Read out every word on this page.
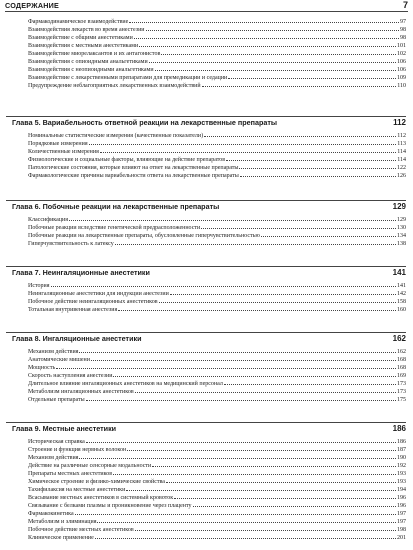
СОДЕРЖАНИЕ	7
Фармакодинамическое взаимодействие	97
Взаимодействия лекарств во время анестезии	98
Взаимодействие с общими анестетиками	98
Взаимодействия с местными анестетиками	101
Взаимодействие миорелаксантов и их антагонистов	102
Взаимодействия с опиоидными анальгетиками	106
Взаимодействия с неопиоидными анальгетиками	106
Взаимодействие с лекарственными препаратами для премедикации и седации	109
Предупреждение неблагоприятных лекарственных взаимодействий	110
Глава 5. Вариабельность ответной реакции на лекарственные препараты	112
Номинальные статистические измерения (качественные показатели)	112
Порядковые измерения	113
Количественные измерения	114
Физиологические и социальные факторы, влияющие на действие препаратов	114
Патологические состояния, которые влияют на ответ на лекарственные препараты	122
Фармакологические причины вариабельности ответа на лекарственные препараты	126
Глава 6. Побочные реакции на лекарственные препараты	129
Классификация	129
Побочные реакции вследствие генетической предрасположенности	130
Побочные реакции на лекарственные препараты, обусловленные гиперчувствительностью	134
Гиперчувствительность к латексу	138
Глава 7. Неингаляционные анестетики	141
История	141
Неингаляционные анестетики для индукции анестезии	142
Побочное действие неингаляционных анестетиков	158
Тотальная внутривенная анестезия	160
Глава 8. Ингаляционные анестетики	162
Механизм действия	162
Анатомические мишени	168
Мощность	168
Скорость наступления анестезии	169
Длительное влияние ингаляционных анестетиков на медицинский персонал	173
Метаболизм ингаляционных анестетиков	173
Отдельные препараты	175
Глава 9. Местные анестетики	186
Историческая справка	186
Строение и функция нервных волокон	187
Механизм действия	190
Действие на различные сенсорные модальности	192
Препараты местных анестетиков	193
Химическое строение и физико-химические свойства	193
Тахифилаксия на местные анестетики	194
Всасывание местных анестетиков в системный кровоток	196
Связывание с белками плазмы и проникновение через плаценту	196
Фармакокинетика	197
Метаболизм и элиминация	197
Побочное действие местных анестетиков	198
Клиническое применение	201
